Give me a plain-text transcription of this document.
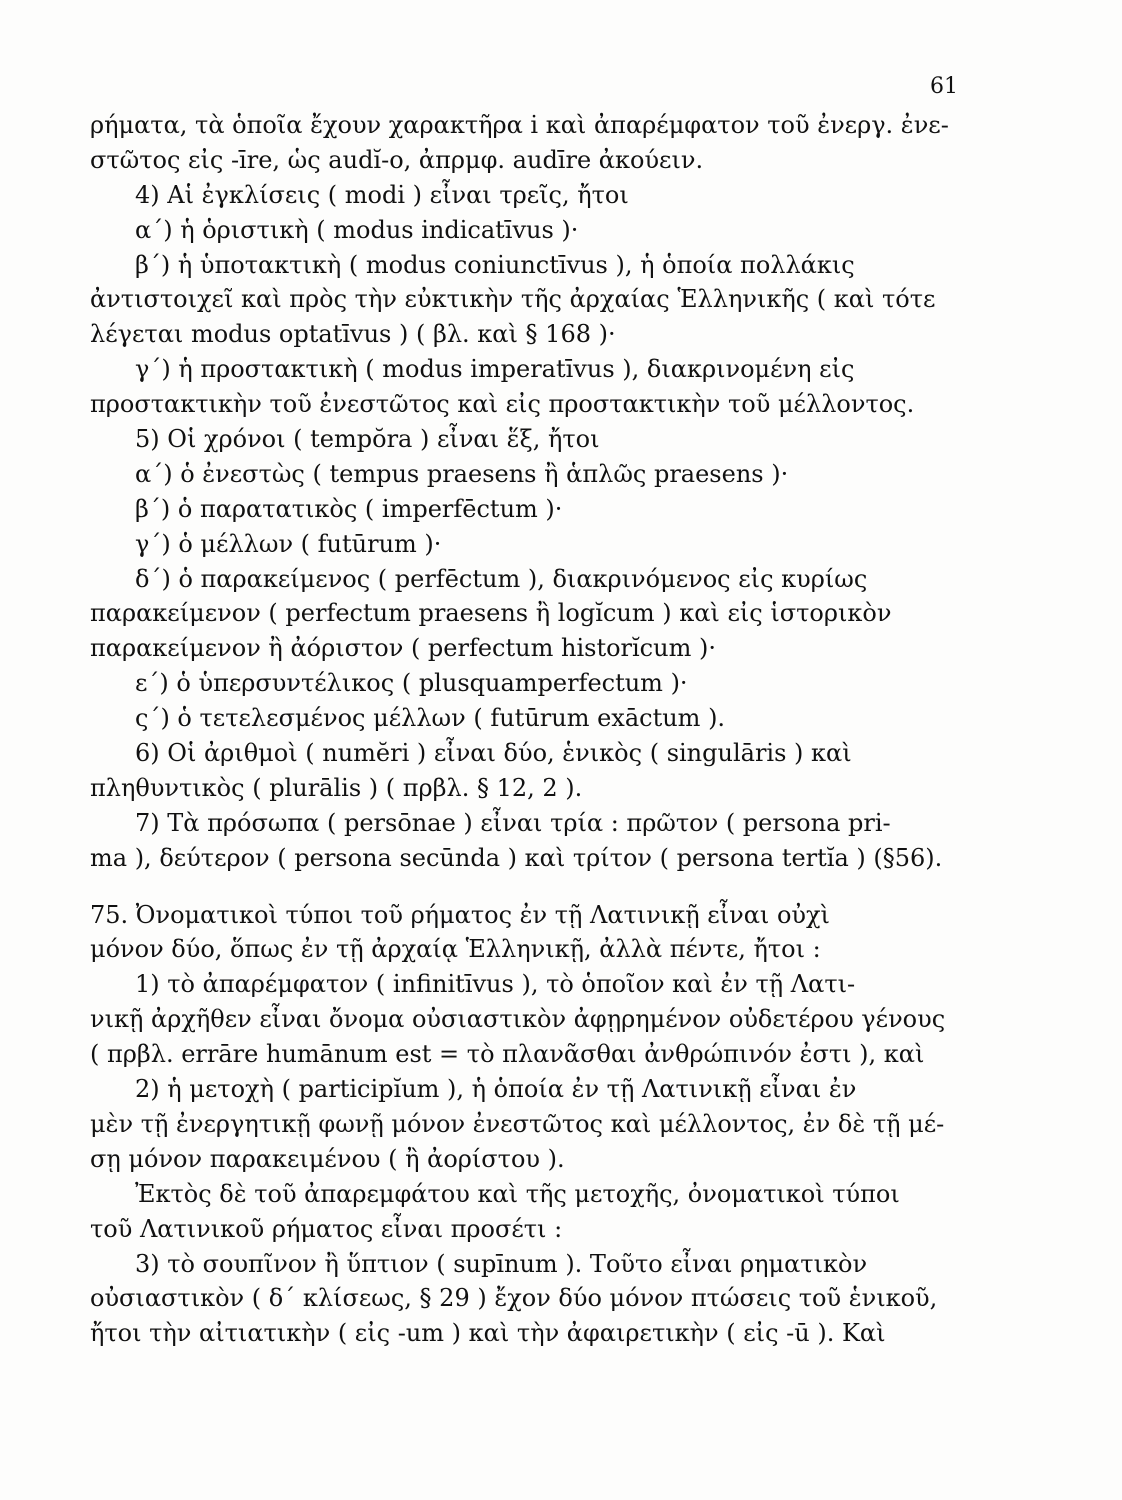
61
ρήματα, τὰ ὁποῖα ἔχουν χαρακτῆρα i καὶ ἀπαρέμφατον τοῦ ἐνεργ. ἐνε-
στῶτος εἰς -īre, ὡς audĭ-o, ἀπρμφ. audīre ἀκούειν.
4) Αἱ ἐγκλίσεις ( modi ) εἶναι τρεῖς, ἤτοι
α΄) ἡ ὁριστικὴ ( modus indicatīvus )·
β΄) ἡ ὑποτακτικὴ ( modus coniunctīvus ), ἡ ὁποία πολλάκις
ἀντιστοιχεῖ καὶ πρὸς τὴν εὐκτικὴν τῆς ἀρχαίας Ἑλληνικῆς ( καὶ τότε
λέγεται modus optatīvus ) ( βλ. καὶ § 168 )·
γ΄) ἡ προστακτικὴ ( modus imperatīvus ), διακρινομένη εἰς
προστακτικὴν τοῦ ἐνεστῶτος καὶ εἰς προστακτικὴν τοῦ μέλλοντος.
5) Οἱ χρόνοι ( tempŏra ) εἶναι ἕξ, ἤτοι
α΄) ὁ ἐνεστὼς ( tempus praesens ἢ ἁπλῶς praesens )·
β΄) ὁ παρατατικὸς ( imperfēctum )·
γ΄) ὁ μέλλων ( futūrum )·
δ΄) ὁ παρακείμενος ( perfēctum ), διακρινόμενος εἰς κυρίως
παρακείμενον ( perfectum praesens ἢ logĭcum ) καὶ εἰς ἱστορικὸν
παρακείμενον ἢ ἀόριστον ( perfectum historĭcum )·
ε΄) ὁ ὑπερσυντέλικος ( plusquamperfectum )·
ς΄) ὁ τετελεσμένος μέλλων ( futūrum exāctum ).
6) Οἱ ἀριθμοὶ ( numĕri ) εἶναι δύο, ἑνικὸς ( singulāris ) καὶ
πληθυντικὸς ( plurālis ) ( πρβλ. § 12, 2 ).
7) Τὰ πρόσωπα ( persōnae ) εἶναι τρία : πρῶτον ( persona pri-
ma ), δεύτερον ( persona secūnda ) καὶ τρίτον ( persona tertĭa ) (§56).
75. Ὀνοματικοὶ τύποι τοῦ ρήματος ἐν τῇ Λατινικῇ εἶναι οὐχὶ
μόνον δύο, ὅπως ἐν τῇ ἀρχαίᾳ Ἑλληνικῇ, ἀλλὰ πέντε, ἤτοι :
1) τὸ ἀπαρέμφατον ( infinitīvus ), τὸ ὁποῖον καὶ ἐν τῇ Λατι-
νικῇ ἀρχῆθεν εἶναι ὄνομα οὐσιαστικὸν ἀφῃρημένον οὐδετέρου γένους
( πρβλ. errāre humānum est = τὸ πλανᾶσθαι ἀνθρώπινόν ἐστι ), καὶ
2) ἡ μετοχὴ ( participĭum ), ἡ ὁποία ἐν τῇ Λατινικῇ εἶναι ἐν
μὲν τῇ ἐνεργητικῇ φωνῇ μόνον ἐνεστῶτος καὶ μέλλοντος, ἐν δὲ τῇ μέ-
σῃ μόνον παρακειμένου ( ἢ ἀορίστου ).
Ἐκτὸς δὲ τοῦ ἀπαρεμφάτου καὶ τῆς μετοχῆς, ὀνοματικοὶ τύποι
τοῦ Λατινικοῦ ρήματος εἶναι προσέτι :
3) τὸ σουπῖνον ἢ ὕπτιον ( supīnum ). Τοῦτο εἶναι ρηματικὸν
οὐσιαστικὸν ( δ΄ κλίσεως, § 29 ) ἔχον δύο μόνον πτώσεις τοῦ ἑνικοῦ,
ἤτοι τὴν αἰτιατικὴν ( εἰς -um ) καὶ τὴν ἀφαιρετικὴν ( εἰς -ū ). Καὶ
